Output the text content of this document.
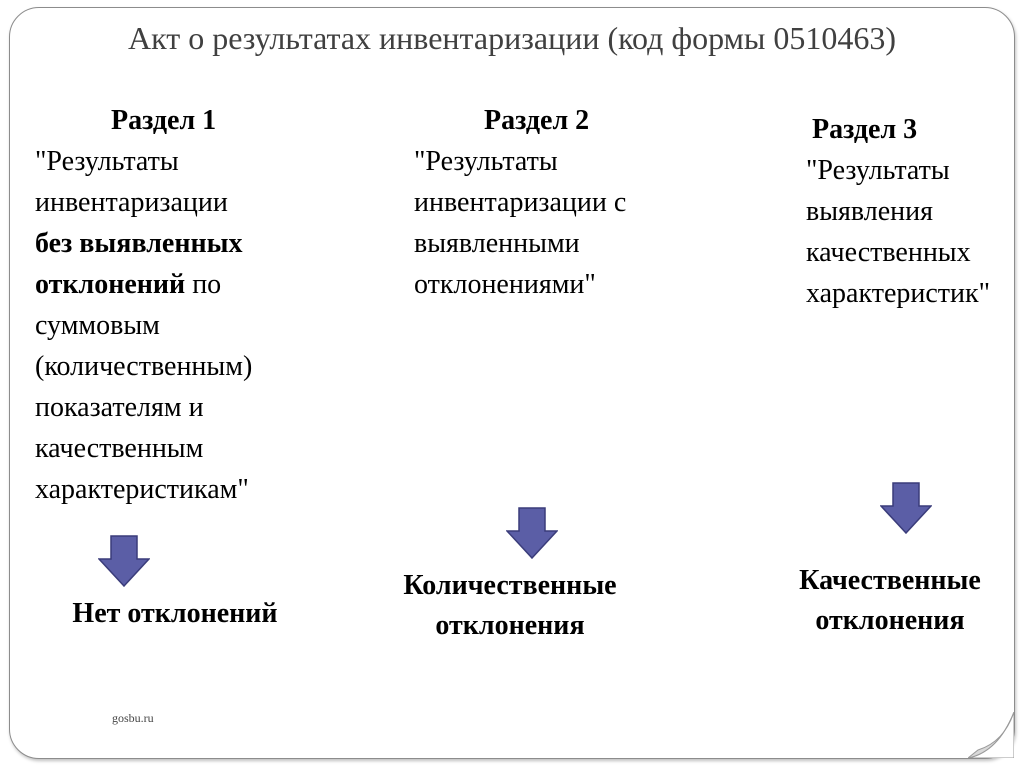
Акт о результатах инвентаризации (код формы 0510463)
Раздел 1
"Результаты
инвентаризации
без выявленных
отклонений по
суммовым
(количественным)
показателям и
качественным
характеристикам"
Раздел 2
"Результаты
инвентаризации с
выявленными
отклонениями"
Раздел 3
"Результаты
выявления
качественных
характеристик"
Нет отклонений
Количественные
отклонения
Качественные
отклонения
gosbu.ru
